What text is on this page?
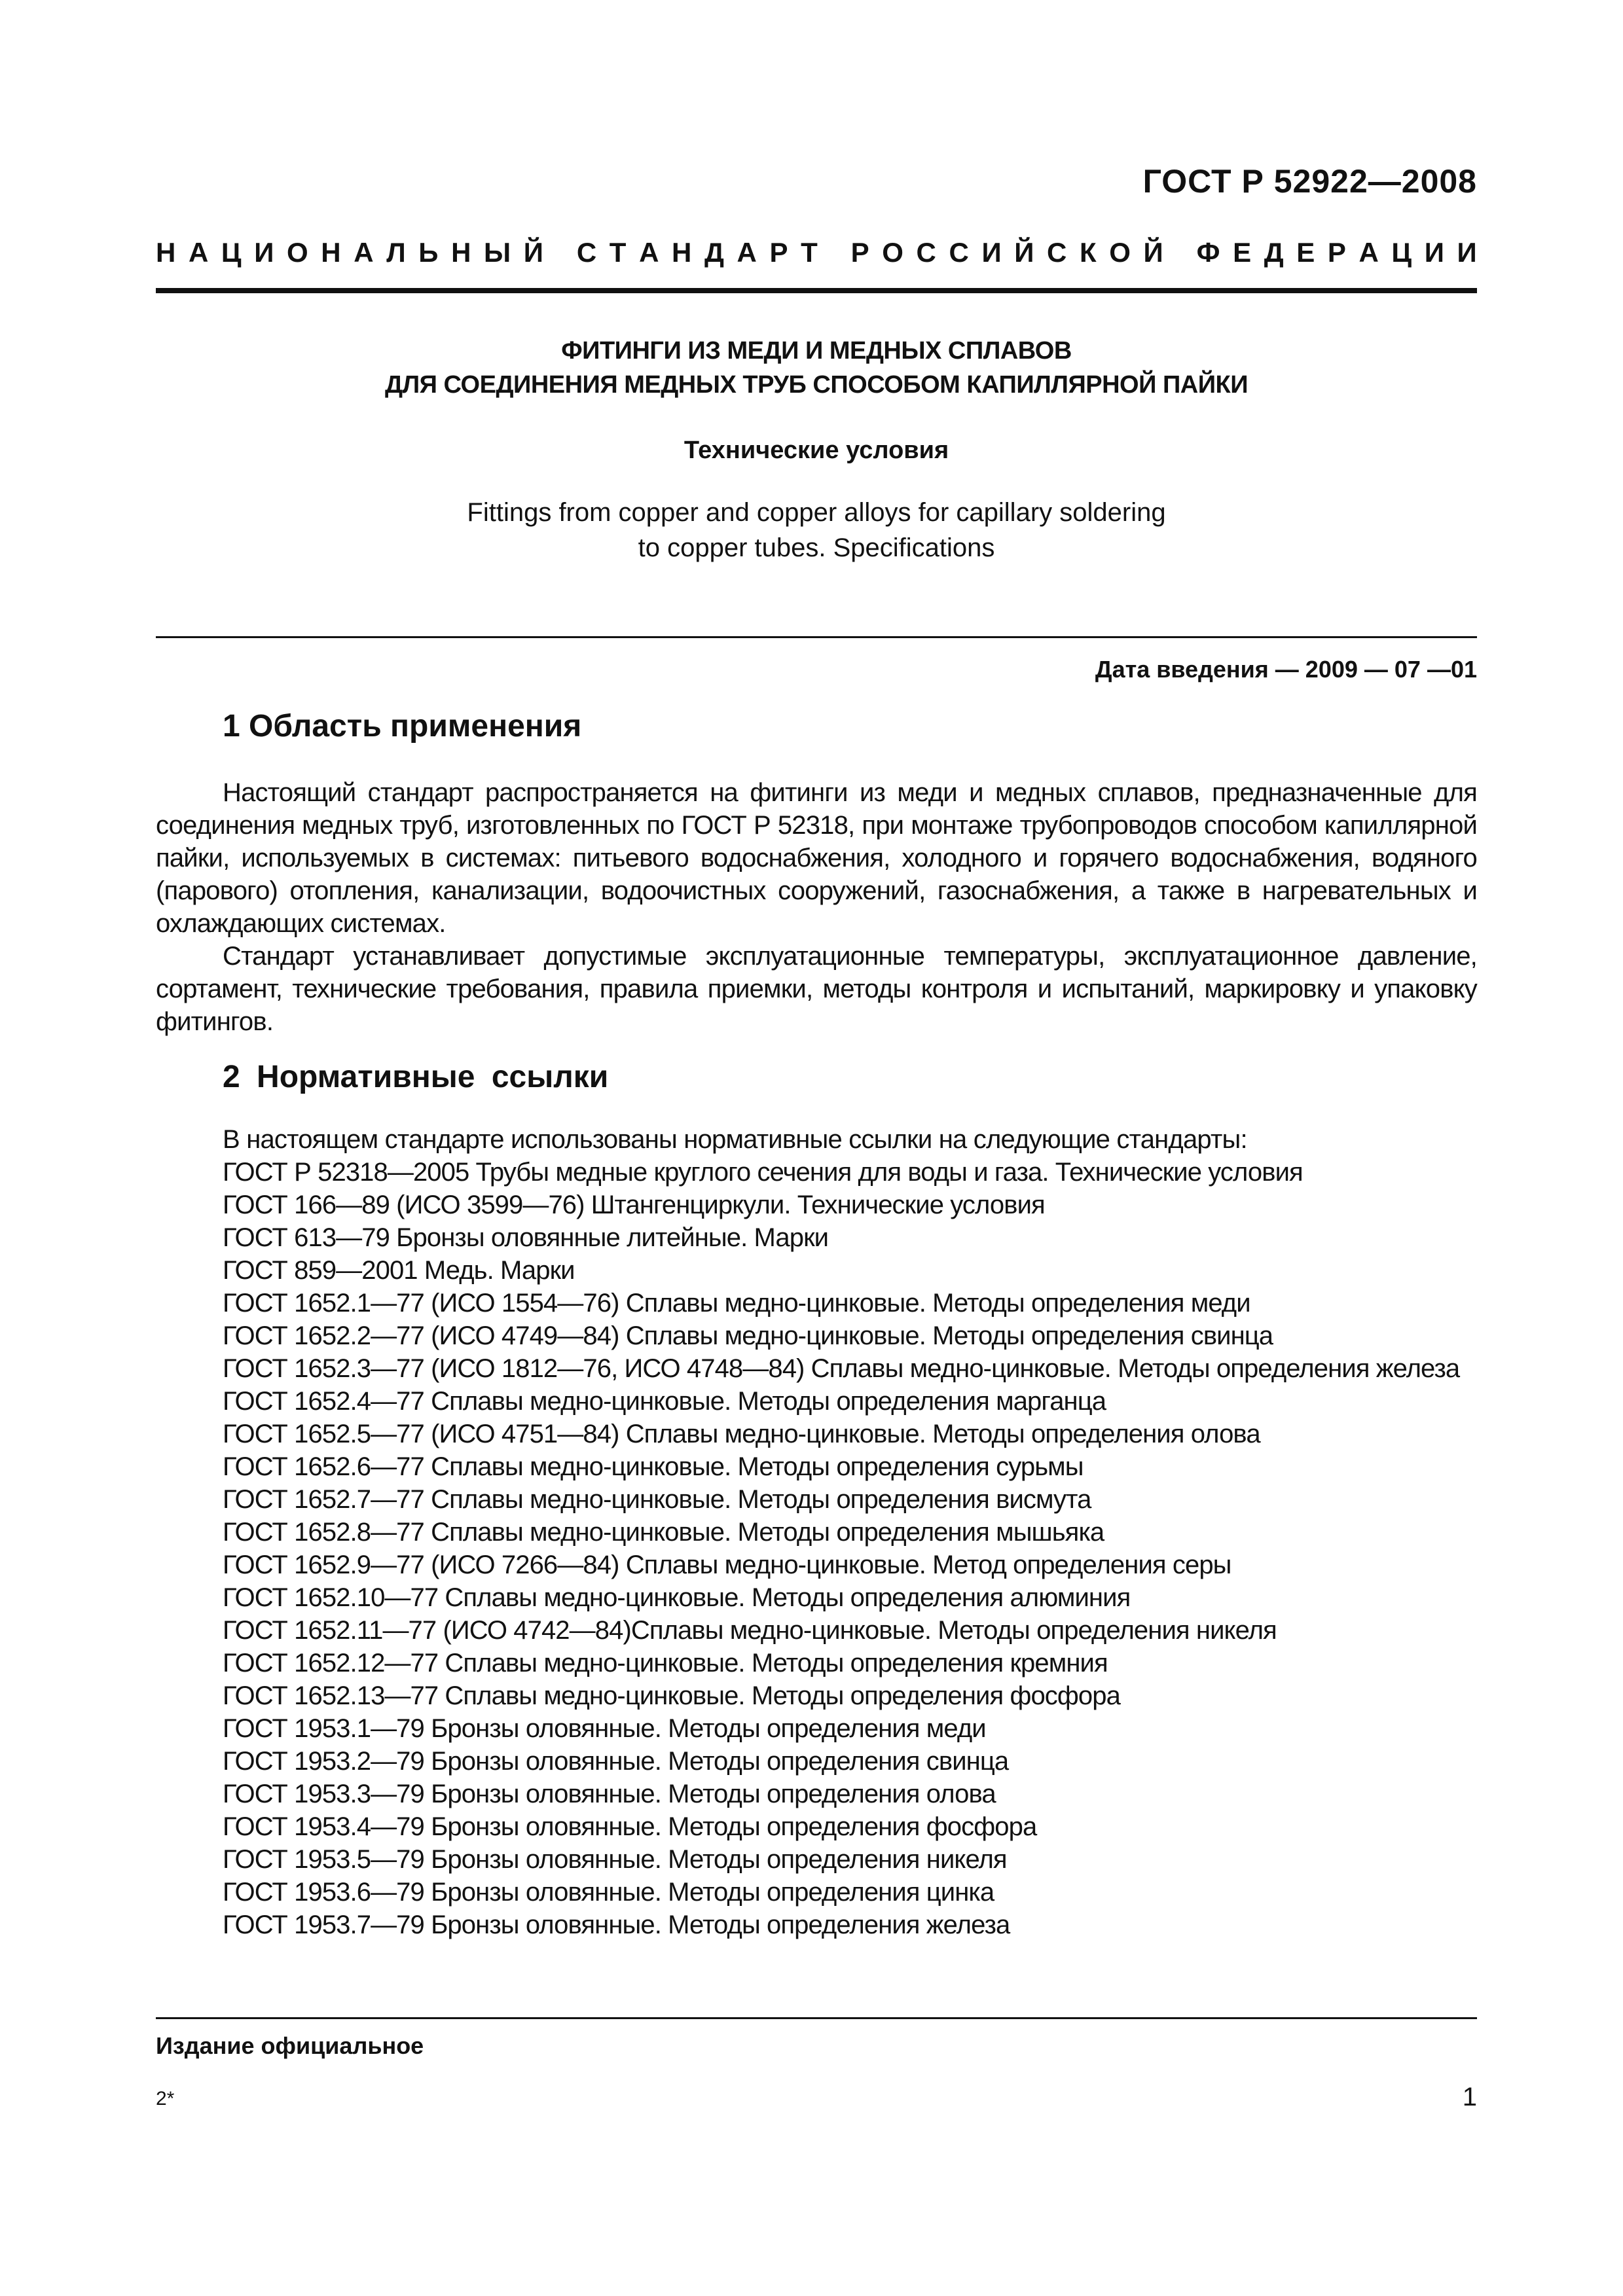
ГОСТ Р 52922—2008
Н А Ц И О Н А Л Ь Н Ы Й
С Т А Н Д А Р Т
Р О С С И Й С К О Й
Ф Е Д Е Р А Ц И И
ФИТИНГИ ИЗ МЕДИ И МЕДНЫХ СПЛАВОВ
ДЛЯ СОЕДИНЕНИЯ МЕДНЫХ ТРУБ СПОСОБОМ КАПИЛЛЯРНОЙ ПАЙКИ
Технические условия
Fittings from copper and copper alloys for capillary soldering
to copper tubes. Specifications
Дата введения — 2009 — 07 —01
1 Область применения

Настоящий стандарт распространяется на фитинги из меди и медных сплавов, предназначенные для соединения медных труб, изготовленных по ГОСТ Р 52318, при монтаже трубопроводов способом капиллярной пайки, используемых в системах: питьевого водоснабжения, холодного и горячего водоснабжения, водяного (парового) отопления, канализации, водоочистных сооружений, газоснабжения, а также в нагревательных и охлаждающих системах.

Стандарт устанавливает допустимые эксплуатационные температуры, эксплуатационное давление, сортамент, технические требования, правила приемки, методы контроля и испытаний, маркировку и упаковку фитингов.

2 Нормативные ссылки

В настоящем стандарте использованы нормативные ссылки на следующие стандарты:

ГОСТ Р 52318—2005 Трубы медные круглого сечения для воды и газа. Технические условия
ГОСТ 166—89 (ИСО 3599—76) Штангенциркули. Технические условия
ГОСТ 613—79 Бронзы оловянные литейные. Марки
ГОСТ 859—2001 Медь. Марки
ГОСТ 1652.1—77 (ИСО 1554—76) Сплавы медно-цинковые. Методы определения меди
ГОСТ 1652.2—77 (ИСО 4749—84) Сплавы медно-цинковые. Методы определения свинца
ГОСТ 1652.3—77 (ИСО 1812—76, ИСО 4748—84) Сплавы медно-цинковые. Методы определения железа
ГОСТ 1652.4—77 Сплавы медно-цинковые. Методы определения марганца
ГОСТ 1652.5—77 (ИСО 4751—84) Сплавы медно-цинковые. Методы определения олова
ГОСТ 1652.6—77 Сплавы медно-цинковые. Методы определения сурьмы
ГОСТ 1652.7—77 Сплавы медно-цинковые. Методы определения висмута
ГОСТ 1652.8—77 Сплавы медно-цинковые. Методы определения мышьяка
ГОСТ 1652.9—77 (ИСО 7266—84) Сплавы медно-цинковые. Метод определения серы
ГОСТ 1652.10—77 Сплавы медно-цинковые. Методы определения алюминия
ГОСТ 1652.11—77 (ИСО 4742—84)Сплавы медно-цинковые. Методы определения никеля
ГОСТ 1652.12—77 Сплавы медно-цинковые. Методы определения кремния
ГОСТ 1652.13—77 Сплавы медно-цинковые. Методы определения фосфора
ГОСТ 1953.1—79 Бронзы оловянные. Методы определения меди
ГОСТ 1953.2—79 Бронзы оловянные. Методы определения свинца
ГОСТ 1953.3—79 Бронзы оловянные. Методы определения олова
ГОСТ 1953.4—79 Бронзы оловянные. Методы определения фосфора
ГОСТ 1953.5—79 Бронзы оловянные. Методы определения никеля
ГОСТ 1953.6—79 Бронзы оловянные. Методы определения цинка
ГОСТ 1953.7—79 Бронзы оловянные. Методы определения железа
Издание официальное
2*	1
